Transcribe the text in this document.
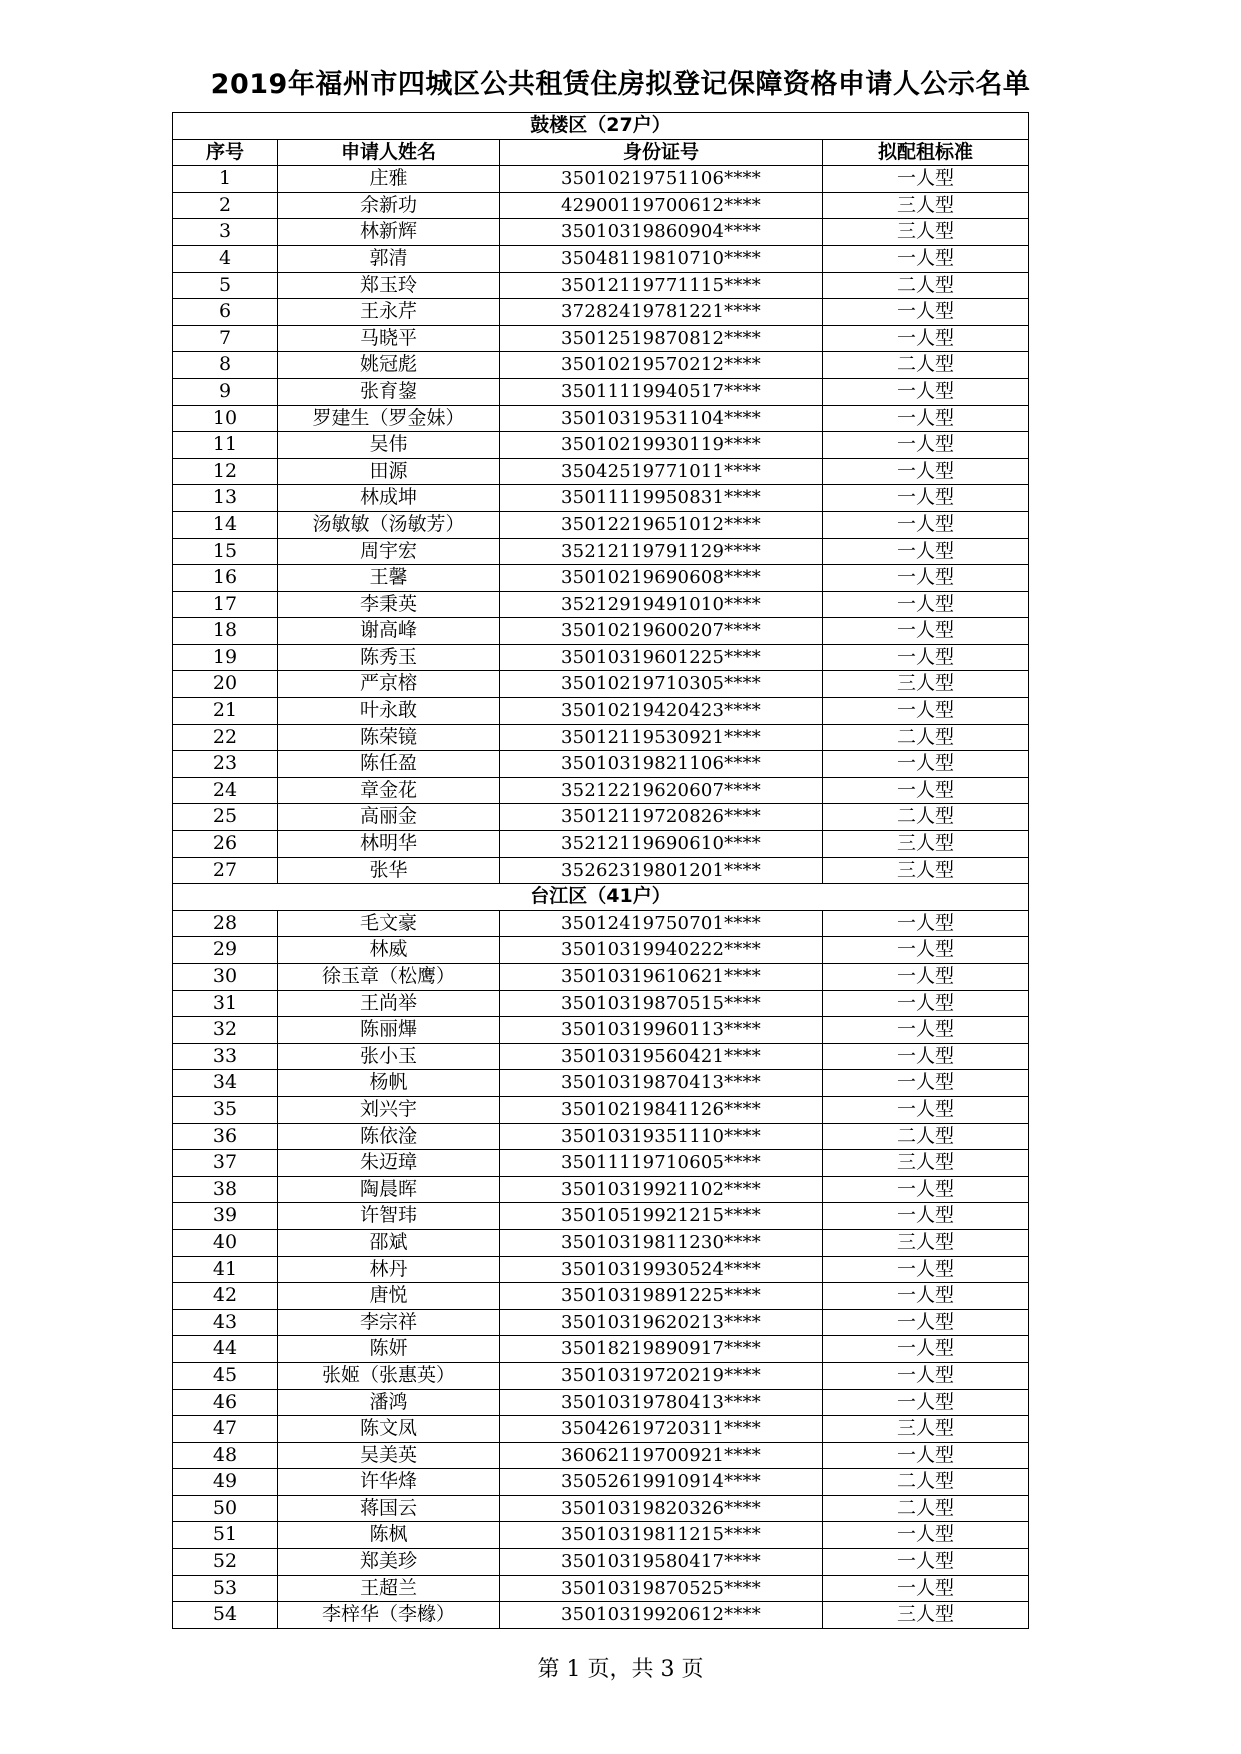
2019年福州市四城区公共租赁住房拟登记保障资格申请人公示名单
鼓楼区（27户）			
序号	申请人姓名	身份证号	拟配租标准
1	庄雅	35010219751106****	一人型
2	余新功	42900119700612****	三人型
3	林新辉	35010319860904****	三人型
4	郭清	35048119810710****	一人型
5	郑玉玲	35012119771115****	二人型
6	王永芹	37282419781221****	一人型
7	马晓平	35012519870812****	一人型
8	姚冠彪	35010219570212****	二人型
9	张育鋆	35011119940517****	一人型
10	罗建生（罗金妹）	35010319531104****	一人型
11	吴伟	35010219930119****	一人型
12	田源	35042519771011****	一人型
13	林成坤	35011119950831****	一人型
14	汤敏敏（汤敏芳）	35012219651012****	一人型
15	周宇宏	35212119791129****	一人型
16	王馨	35010219690608****	一人型
17	李秉英	35212919491010****	一人型
18	谢高峰	35010219600207****	一人型
19	陈秀玉	35010319601225****	一人型
20	严京榕	35010219710305****	三人型
21	叶永敢	35010219420423****	一人型
22	陈荣镜	35012119530921****	二人型
23	陈任盈	35010319821106****	一人型
24	章金花	35212219620607****	一人型
25	高丽金	35012119720826****	二人型
26	林明华	35212119690610****	三人型
27	张华	35262319801201****	三人型
台江区（41户）			
28	毛文豪	35012419750701****	一人型
29	林威	35010319940222****	一人型
30	徐玉章（松鹰）	35010319610621****	一人型
31	王尚举	35010319870515****	一人型
32	陈丽熚	35010319960113****	一人型
33	张小玉	35010319560421****	一人型
34	杨帆	35010319870413****	一人型
35	刘兴宇	35010219841126****	一人型
36	陈依淦	35010319351110****	二人型
37	朱迈璋	35011119710605****	三人型
38	陶晨晖	35010319921102****	一人型
39	许智玮	35010519921215****	一人型
40	邵斌	35010319811230****	三人型
41	林丹	35010319930524****	一人型
42	唐悦	35010319891225****	一人型
43	李宗祥	35010319620213****	一人型
44	陈妍	35018219890917****	一人型
45	张姬（张惠英）	35010319720219****	一人型
46	潘鸿	35010319780413****	一人型
47	陈文凤	35042619720311****	三人型
48	吴美英	36062119700921****	一人型
49	许华烽	35052619910914****	二人型
50	蒋国云	35010319820326****	二人型
51	陈枫	35010319811215****	一人型
52	郑美珍	35010319580417****	一人型
53	王超兰	35010319870525****	一人型
54	李梓华（李橼）	35010319920612****	三人型
第 1 页，共 3 页
